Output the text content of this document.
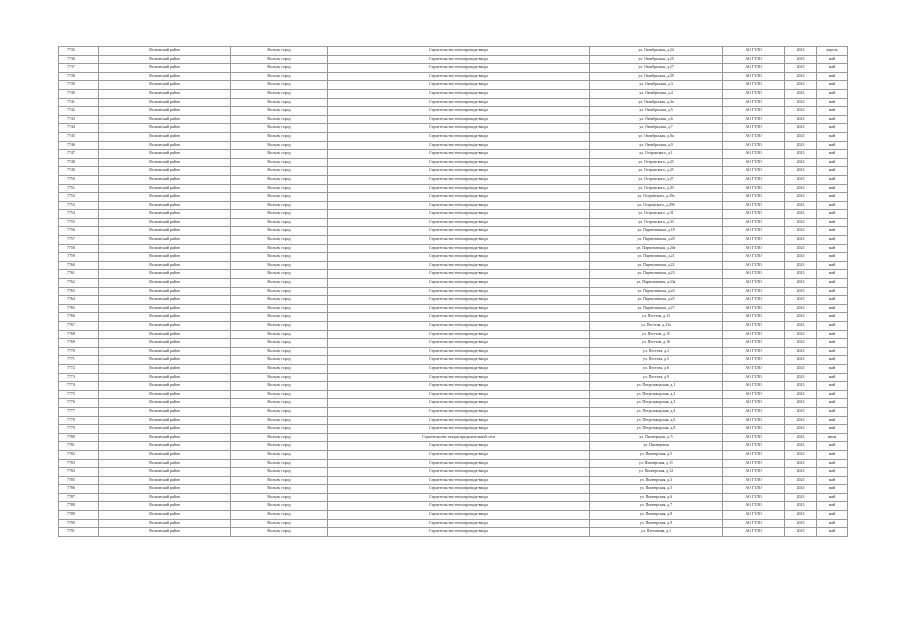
7735	Волховский район	Волхов, город	Строительство теплопровода-ввода	ул. Октябрьская, д.24	АО ГТЛО	2023	апрель
7736	Волховский район	Волхов, город	Строительство теплопровода-ввода	ул. Октябрьская, д.25	АО ГТЛО	2023	май
7737	Волховский район	Волхов, город	Строительство теплопровода-ввода	ул. Октябрьская, д.27	АО ГТЛО	2023	май
7738	Волховский район	Волхов, город	Строительство теплопровода-ввода	ул. Октябрьская, д.29	АО ГТЛО	2023	май
7739	Волховский район	Волхов, город	Строительство теплопровода-ввода	ул. Октябрьская, д.3	АО ГТЛО	2023	май
7740	Волховский район	Волхов, город	Строительство теплопровода-ввода	ул. Октябрьская, д.4	АО ГТЛО	2023	май
7741	Волховский район	Волхов, город	Строительство теплопровода-ввода	ул. Октябрьская, д.4а	АО ГТЛО	2023	май
7742	Волховский район	Волхов, город	Строительство теплопровода-ввода	ул. Октябрьская, д.5	АО ГТЛО	2023	май
7743	Волховский район	Волхов, город	Строительство теплопровода-ввода	ул. Октябрьская, д.6	АО ГТЛО	2023	май
7744	Волховский район	Волхов, город	Строительство теплопровода-ввода	ул. Октябрьская, д.7	АО ГТЛО	2023	май
7745	Волховский район	Волхов, город	Строительство теплопровода-ввода	ул. Октябрьская, д.8а	АО ГТЛО	2023	май
7746	Волховский район	Волхов, город	Строительство теплопровода-ввода	ул. Октябрьская, д.9	АО ГТЛО	2023	май
7747	Волховский район	Волхов, город	Строительство теплопровода-ввода	ул. Островского, д.1	АО ГТЛО	2023	май
7748	Волховский район	Волхов, город	Строительство теплопровода-ввода	ул. Островского, д.23	АО ГТЛО	2023	май
7749	Волховский район	Волхов, город	Строительство теплопровода-ввода	ул. Островского, д.25	АО ГТЛО	2023	май
7750	Волховский район	Волхов, город	Строительство теплопровода-ввода	ул. Островского, д.27	АО ГТЛО	2023	май
7751	Волховский район	Волхов, город	Строительство теплопровода-ввода	ул. Островского, д.29	АО ГТЛО	2023	май
7752	Волховский район	Волхов, город	Строительство теплопровода-ввода	ул. Островского, д.29а	АО ГТЛО	2023	май
7753	Волховский район	Волхов, город	Строительство теплопровода-ввода	ул. Островского, д.29б	АО ГТЛО	2023	май
7754	Волховский район	Волхов, город	Строительство теплопровода-ввода	ул. Островского, д.31	АО ГТЛО	2023	май
7755	Волховский район	Волхов, город	Строительство теплопровода-ввода	ул. Островского, д.33	АО ГТЛО	2023	май
7756	Волховский район	Волхов, город	Строительство теплопровода-ввода	ул. Партизанская, д.18	АО ГТЛО	2023	май
7757	Волховский район	Волхов, город	Строительство теплопровода-ввода	ул. Партизанская, д.20	АО ГТЛО	2023	май
7758	Волховский район	Волхов, город	Строительство теплопровода-ввода	ул. Партизанская, д.20а	АО ГТЛО	2023	май
7759	Волховский район	Волхов, город	Строительство теплопровода-ввода	ул. Партизанская, д.21	АО ГТЛО	2023	май
7760	Волховский район	Волхов, город	Строительство теплопровода-ввода	ул. Партизанская, д.22	АО ГТЛО	2023	май
7761	Волховский район	Волхов, город	Строительство теплопровода-ввода	ул. Партизанская, д.23	АО ГТЛО	2023	май
7762	Волховский район	Волхов, город	Строительство теплопровода-ввода	ул. Партизанская, д.23а	АО ГТЛО	2023	май
7763	Волховский район	Волхов, город	Строительство теплопровода-ввода	ул. Партизанская, д.24	АО ГТЛО	2023	май
7764	Волховский район	Волхов, город	Строительство теплопровода-ввода	ул. Партизанская, д.25	АО ГТЛО	2023	май
7765	Волховский район	Волхов, город	Строительство теплопровода-ввода	ул. Партизанская, д.27	АО ГТЛО	2023	май
7766	Волховский район	Волхов, город	Строительство теплопровода-ввода	ул. Пестеля, д.13	АО ГТЛО	2023	май
7767	Волховский район	Волхов, город	Строительство теплопровода-ввода	ул. Пестеля, д.13а	АО ГТЛО	2023	май
7768	Волховский район	Волхов, город	Строительство теплопровода-ввода	ул. Пестеля, д.15	АО ГТЛО	2023	май
7769	Волховский район	Волхов, город	Строительство теплопровода-ввода	ул. Пестеля, д.16	АО ГТЛО	2023	май
7770	Волховский район	Волхов, город	Строительство теплопровода-ввода	ул. Пестеля, д.2	АО ГТЛО	2023	май
7771	Волховский район	Волхов, город	Строительство теплопровода-ввода	ул. Пестеля, д.5	АО ГТЛО	2023	май
7772	Волховский район	Волхов, город	Строительство теплопровода-ввода	ул. Пестеля, д.6	АО ГТЛО	2023	май
7773	Волховский район	Волхов, город	Строительство теплопровода-ввода	ул. Пестеля, д.9	АО ГТЛО	2023	май
7774	Волховский район	Волхов, город	Строительство теплопровода-ввода	ул. Петрозаводская, д.1	АО ГТЛО	2023	май
7775	Волховский район	Волхов, город	Строительство теплопровода-ввода	ул. Петрозаводская, д.2	АО ГТЛО	2023	май
7776	Волховский район	Волхов, город	Строительство теплопровода-ввода	ул. Петрозаводская, д.3	АО ГТЛО	2023	май
7777	Волховский район	Волхов, город	Строительство теплопровода-ввода	ул. Петрозаводская, д.4	АО ГТЛО	2023	май
7778	Волховский район	Волхов, город	Строительство теплопровода-ввода	ул. Петрозаводская, д.6	АО ГТЛО	2023	май
7779	Волховский район	Волхов, город	Строительство теплопровода-ввода	ул. Петрозаводская, д.8	АО ГТЛО	2023	май
7780	Волховский район	Волхов, город	Строительство газораспределительной сети	ул. Пионерская, д. 5	АО ГТЛО	2023	июль
7781	Волховский район	Волхов, город	Строительство теплопровода-ввода	ул. Пионерская	АО ГТЛО	2023	май
7782	Волховский район	Волхов, город	Строительство теплопровода-ввода	ул. Пионерская, д.5	АО ГТЛО	2023	май
7783	Волховский район	Волхов, город	Строительство теплопровода-ввода	ул. Пионерская, д.11	АО ГТЛО	2023	май
7784	Волховский район	Волхов, город	Строительство теплопровода-ввода	ул. Пионерская, д.12	АО ГТЛО	2023	май
7785	Волховский район	Волхов, город	Строительство теплопровода-ввода	ул. Пионерская, д.3	АО ГТЛО	2023	май
7786	Волховский район	Волхов, город	Строительство теплопровода-ввода	ул. Пионерская, д.5	АО ГТЛО	2023	май
7787	Волховский район	Волхов, город	Строительство теплопровода-ввода	ул. Пионерская, д.6	АО ГТЛО	2023	май
7788	Волховский район	Волхов, город	Строительство теплопровода-ввода	ул. Пионерская, д.7	АО ГТЛО	2023	май
7789	Волховский район	Волхов, город	Строительство теплопровода-ввода	ул. Пионерская, д.8	АО ГТЛО	2023	май
7790	Волховский район	Волхов, город	Строительство теплопровода-ввода	ул. Пионерская, д.9	АО ГТЛО	2023	май
7791	Волховский район	Волхов, город	Строительство теплопровода-ввода	ул. Плеханова, д.1	АО ГТЛО	2023	май
